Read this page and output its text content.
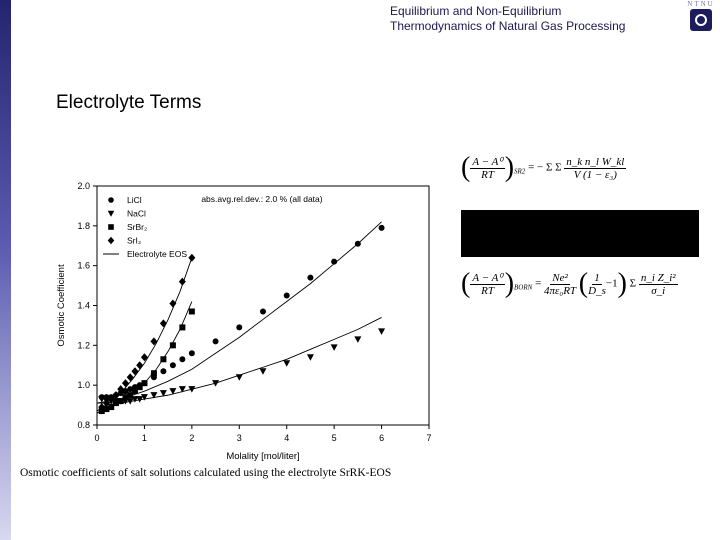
Equilibrium and Non-Equilibrium
Thermodynamics of Natural Gas Processing
NTNU
Electrolyte Terms
0	1	2	3	4	5	6	7
0.8
1.0
1.2
1.4
1.6
1.8
2.0
Molality [mol/liter]
Osmotic Coefficient
abs.avg.rel.dev.: 2.0 % (all data)
LiCl
NaCl
SrBr₂
SrI₂
Electrolyte EOS
Osmotic coefficients of salt solutions calculated using the electrolyte SrRK-EOS
( $\frac{\text{A − A⁰}}{RT} )_{SR2}$ = − Σ Σ $\frac{\text{n\_k n\_l W\_kl}}{\text{V (1 − ε₃)}}$
( $\frac{\text{A − A⁰}}{RT} )_{BORN} = \frac{\text{Ne²}}{\text{4πε₀RT}}$ ( $\frac{1}{D\_s} -1$) Σ $\frac{\text{n\_i Z\_i²}}{\sigma\_i}$
